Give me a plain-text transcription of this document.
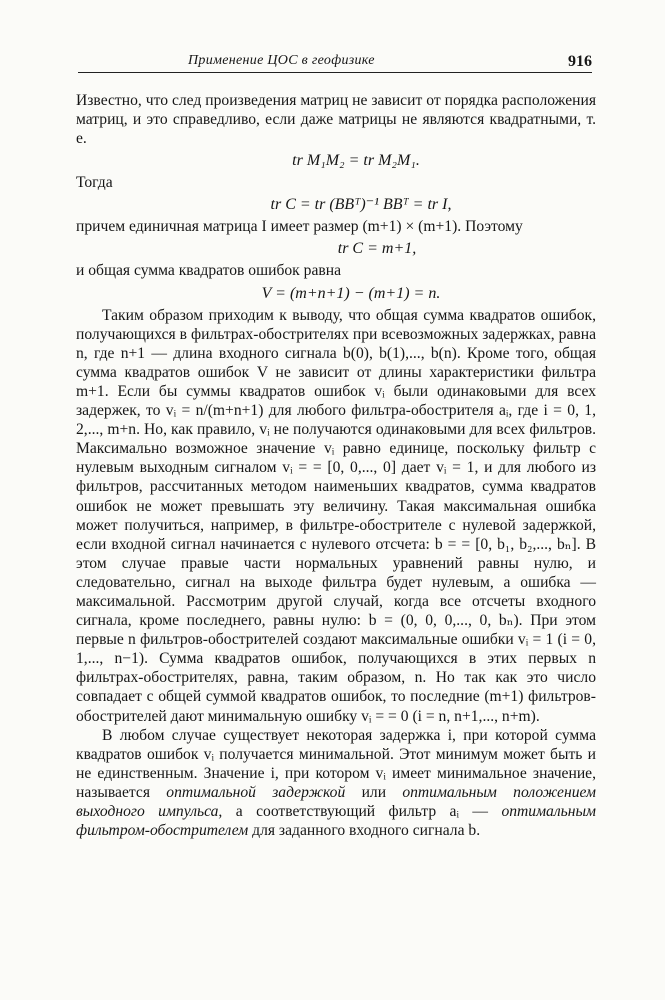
Применение ЦОС в геофизике	916

Известно, что след произведения матриц не зависит от порядка расположения матриц, и это справедливо, если даже матрицы не являются квадратными, т. е.

tr M₁M₂ = tr M₂M₁.

Тогда

tr C = tr (BBᵀ)⁻¹ BBᵀ = tr I,

причем единичная матрица I имеет размер (m+1) × (m+1). Поэтому

tr C = m+1,

и общая сумма квадратов ошибок равна

V = (m+n+1) − (m+1) = n.

Таким образом приходим к выводу, что общая сумма квадратов ошибок, получающихся в фильтрах-обострителях при всевозможных задержках, равна n, где n+1 — длина входного сигнала b(0), b(1),..., b(n). Кроме того, общая сумма квадратов ошибок V не зависит от длины характеристики фильтра m+1. Если бы суммы квадратов ошибок vᵢ были одинаковыми для всех задержек, то vᵢ = n/(m+n+1) для любого фильтра-обострителя aᵢ, где i = 0, 1, 2,..., m+n. Но, как правило, vᵢ не получаются одинаковыми для всех фильтров. Максимально возможное значение vᵢ равно единице, поскольку фильтр с нулевым выходным сигналом vᵢ = = [0, 0,..., 0] дает vᵢ = 1, и для любого из фильтров, рассчитанных методом наименьших квадратов, сумма квадратов ошибок не может превышать эту величину. Такая максимальная ошибка может получиться, например, в фильтре-обострителе с нулевой задержкой, если входной сигнал начинается с нулевого отсчета: b = = [0, b₁, b₂,..., bₙ]. В этом случае правые части нормальных уравнений равны нулю, и следовательно, сигнал на выходе фильтра будет нулевым, а ошибка — максимальной. Рассмотрим другой случай, когда все отсчеты входного сигнала, кроме последнего, равны нулю: b = (0, 0, 0,..., 0, bₙ). При этом первые n фильтров-обострителей создают максимальные ошибки vᵢ = 1 (i = 0, 1,..., n−1). Сумма квадратов ошибок, получающихся в этих первых n фильтрах-обострителях, равна, таким образом, n. Но так как это число совпадает с общей суммой квадратов ошибок, то последние (m+1) фильтров-обострителей дают минимальную ошибку vᵢ = = 0 (i = n, n+1,..., n+m).

В любом случае существует некоторая задержка i, при которой сумма квадратов ошибок vᵢ получается минимальной. Этот минимум может быть и не единственным. Значение i, при котором vᵢ имеет минимальное значение, называется оптимальной задержкой или оптимальным положением выходного импульса, а соответствующий фильтр aᵢ — оптимальным фильтром-обострителем для заданного входного сигнала b.
